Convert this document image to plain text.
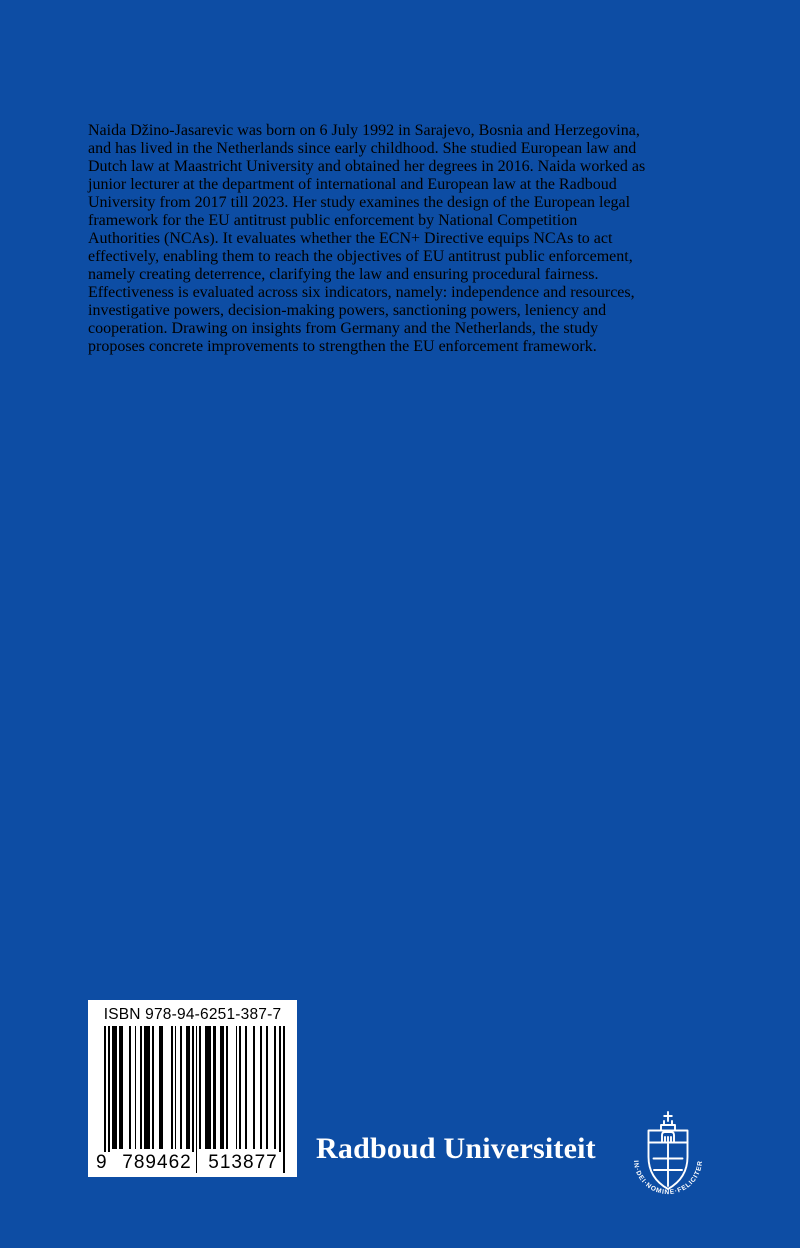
Naida Džino-Jasarevic was born on 6 July 1992 in Sarajevo, Bosnia and Herzegovina, and has lived in the Netherlands since early childhood. She studied European law and Dutch law at Maastricht University and obtained her degrees in 2016. Naida worked as junior lecturer at the department of international and European law at the Radboud University from 2017 till 2023. Her study examines the design of the European legal framework for the EU antitrust public enforcement by National Competition Authorities (NCAs). It evaluates whether the ECN+ Directive equips NCAs to act effectively, enabling them to reach the objectives of EU antitrust public enforcement, namely creating deterrence, clarifying the law and ensuring procedural fairness. Effectiveness is evaluated across six indicators, namely: independence and resources, investigative powers, decision-making powers, sanctioning powers, leniency and cooperation. Drawing on insights from Germany and the Netherlands, the study proposes concrete improvements to strengthen the EU enforcement framework.

ISBN 978-94-6251-387-7
9 789462 513877 Radboud Universiteit	IN·DEI·NOMINE·FELICITER
